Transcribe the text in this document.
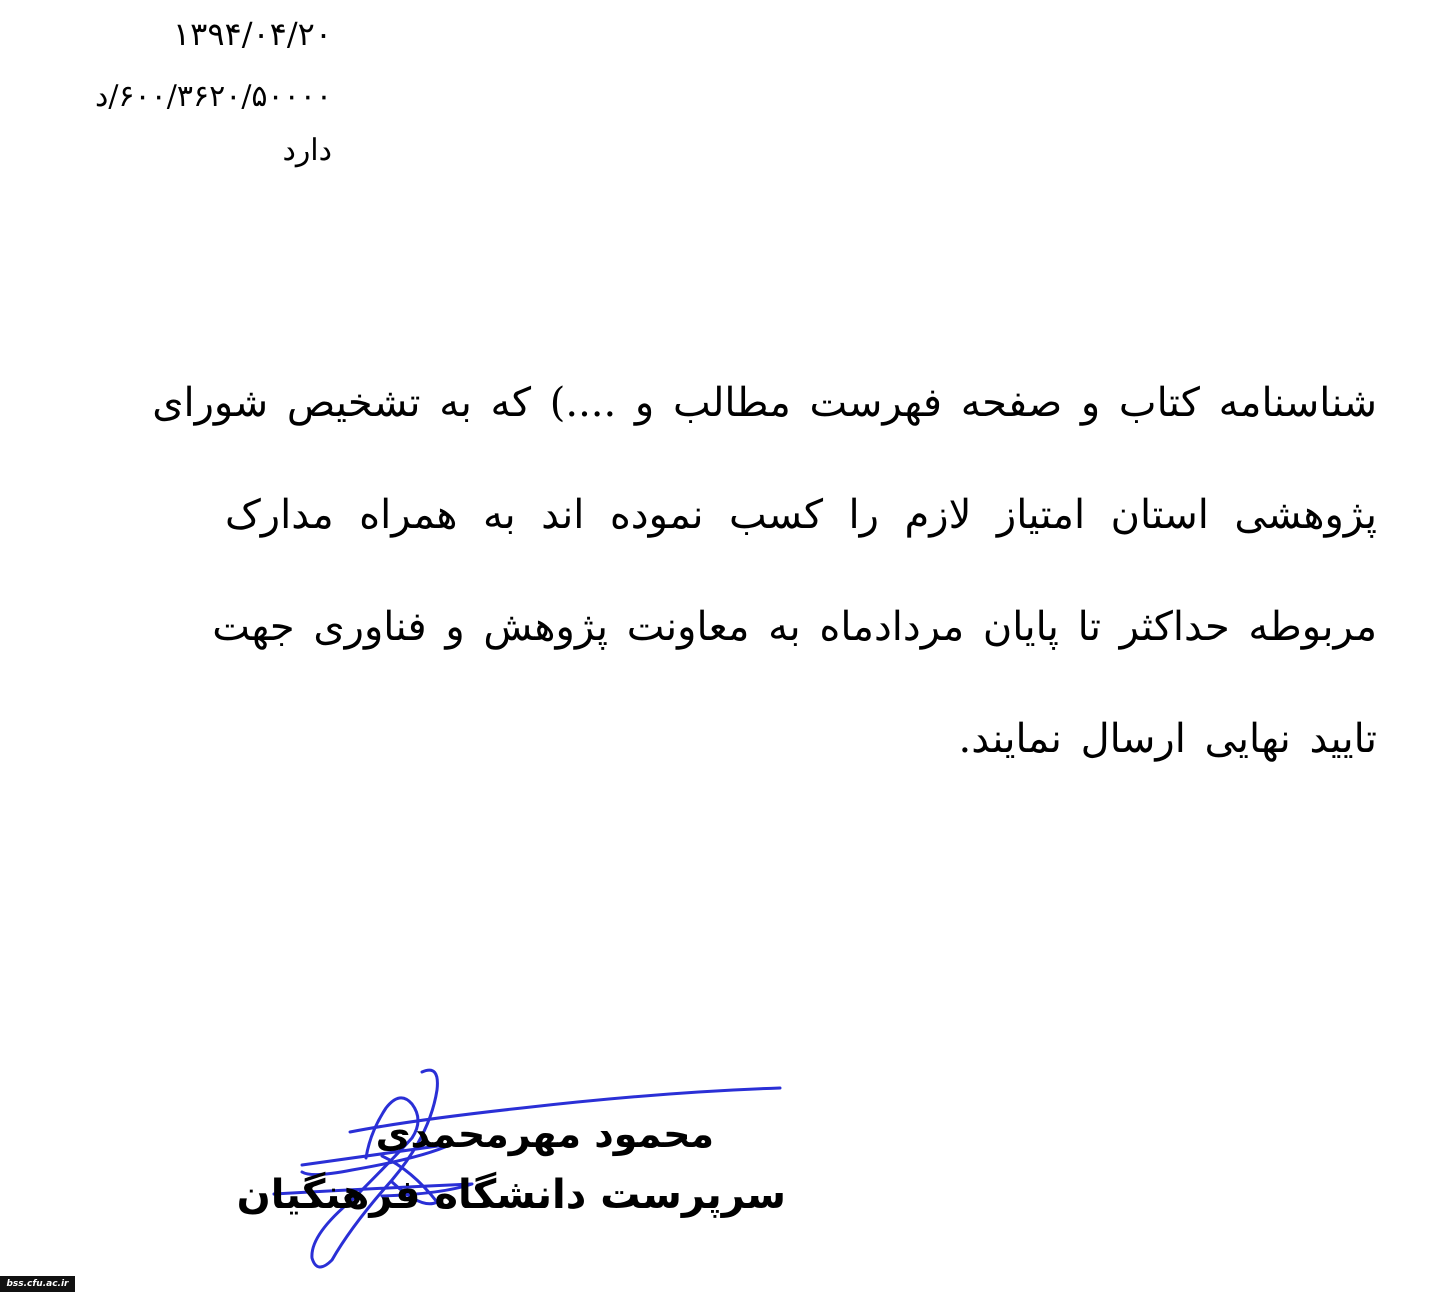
۱۳۹۴/۰۴/۲۰
۶۰۰/۳۶۲۰/۵۰۰۰۰/د
دارد
شناسنامه کتاب و صفحه فهرست مطالب و ....) که به تشخیص شورای
پژوهشی استان امتیاز لازم را کسب نموده اند به همراه مدارک
مربوطه حداکثر تا پایان مردادماه به معاونت پژوهش و فناوری جهت
تایید نهایی ارسال نمایند.
محمود مهرمحمدی
سرپرست دانشگاه فرهنگیان
bss.cfu.ac.ir
